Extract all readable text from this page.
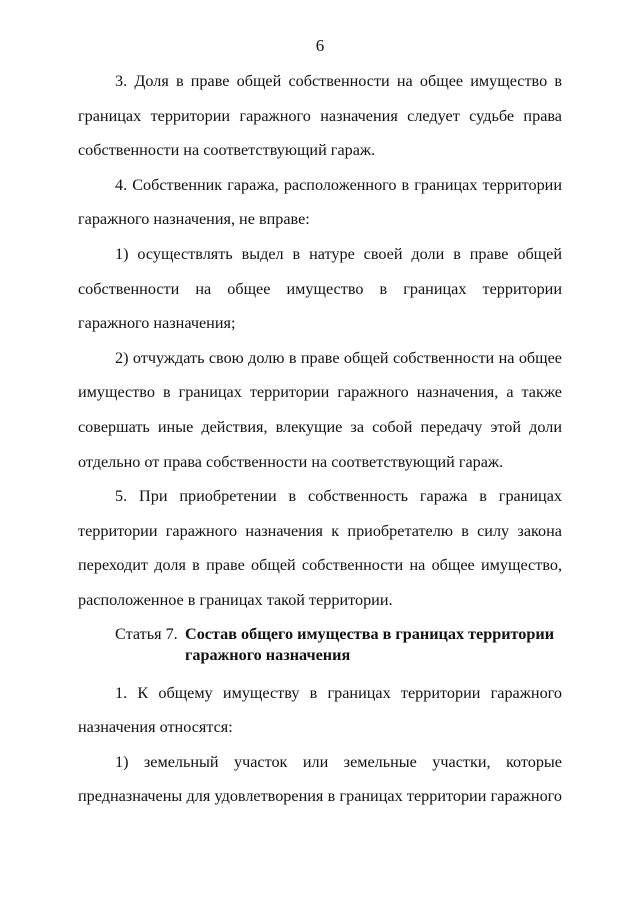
6

3. Доля в праве общей собственности на общее имущество в границах территории гаражного назначения следует судьбе права собственности на соответствующий гараж.

4. Собственник гаража, расположенного в границах территории гаражного назначения, не вправе:

1) осуществлять выдел в натуре своей доли в праве общей собственности на общее имущество в границах территории гаражного назначения;

2) отчуждать свою долю в праве общей собственности на общее имущество в границах территории гаражного назначения, а также совершать иные действия, влекущие за собой передачу этой доли отдельно от права собственности на соответствующий гараж.

5. При приобретении в собственность гаража в границах территории гаражного назначения к приобретателю в силу закона переходит доля в праве общей собственности на общее имущество, расположенное в границах такой территории.

Статья 7. Состав общего имущества в границах территории
гаражного назначения

1. К общему имуществу в границах территории гаражного назначения относятся:

1) земельный участок или земельные участки, которые предназначены для удовлетворения в границах территории гаражного
